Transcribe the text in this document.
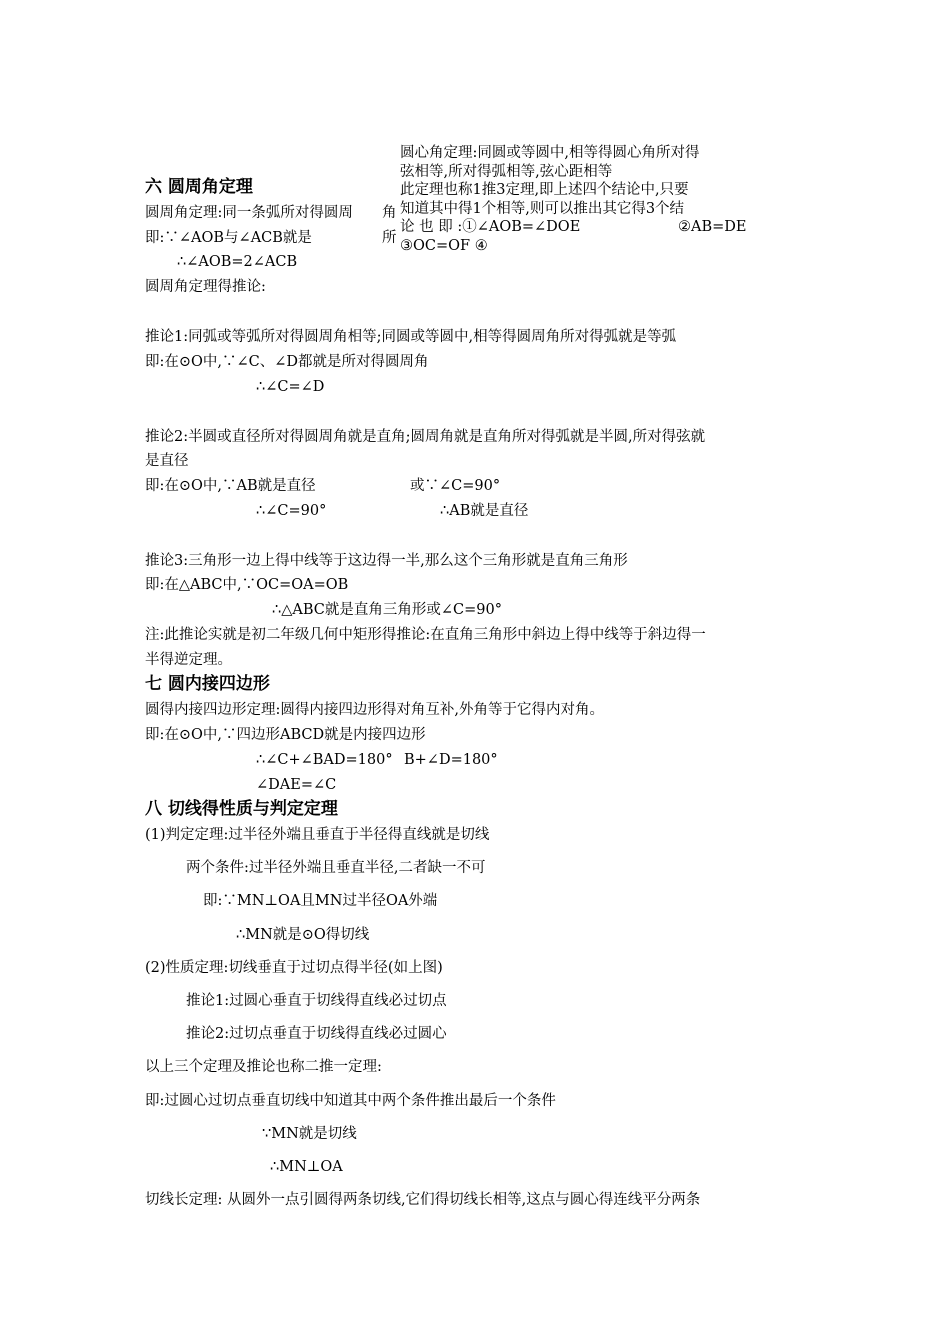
圆心角定理:同圆或等圆中,相等得圆心角所对得
弦相等,所对得弧相等,弦心距相等
此定理也称1推3定理,即上述四个结论中,只要
知道其中得1个相等,则可以推出其它得3个结
论 也 即 :①∠AOB=∠DOE	②AB=DE
③OC=OF ④
六 圆周角定理
圆周角定理:同一条弧所对得圆周 角
即:∵∠AOB与∠ACB就是	所
∴∠AOB=2∠ACB
圆周角定理得推论:
推论1:同弧或等弧所对得圆周角相等;同圆或等圆中,相等得圆周角所对得弧就是等弧
即:在⊙O中,∵∠C、∠D都就是所对得圆周角
∴∠C=∠D
推论2:半圆或直径所对得圆周角就是直角;圆周角就是直角所对得弧就是半圆,所对得弦就
是直径
即:在⊙O中,∵AB就是直径	或∵∠C=90°
∴∠C=90°	∴AB就是直径
推论3:三角形一边上得中线等于这边得一半,那么这个三角形就是直角三角形
即:在△ABC中,∵OC=OA=OB
∴△ABC就是直角三角形或∠C=90°
注:此推论实就是初二年级几何中矩形得推论:在直角三角形中斜边上得中线等于斜边得一
半得逆定理。
七 圆内接四边形
圆得内接四边形定理:圆得内接四边形得对角互补,外角等于它得内对角。
即:在⊙O中,∵四边形ABCD就是内接四边形
∴∠C+∠BAD=180° B+∠D=180°
∠DAE=∠C
八 切线得性质与判定定理
(1)判定定理:过半径外端且垂直于半径得直线就是切线
两个条件:过半径外端且垂直半径,二者缺一不可
即:∵MN⊥OA且MN过半径OA外端
∴MN就是⊙O得切线
(2)性质定理:切线垂直于过切点得半径(如上图)
推论1:过圆心垂直于切线得直线必过切点
推论2:过切点垂直于切线得直线必过圆心
以上三个定理及推论也称二推一定理:
即:过圆心过切点垂直切线中知道其中两个条件推出最后一个条件
∵MN就是切线
∴MN⊥OA
切线长定理: 从圆外一点引圆得两条切线,它们得切线长相等,这点与圆心得连线平分两条
